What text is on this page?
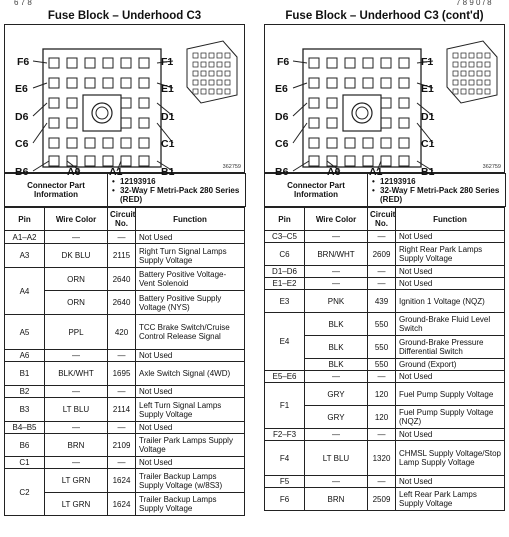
6 7 8	7 8 9 0 / 8
Fuse Block – Underhood C3
F6	F1
E6	E1
D6	D1
C6	C1
B6	A6	A1	B1	362759
Connector Part Information	
• 12193916
• 32-Way F Metri-Pack 280 Series (RED)
Pin	Wire Color	Circuit No.	Function
A1–A2	—	—	Not Used
A3	DK BLU	2115	Right Turn Signal Lamps Supply Voltage
A4	ORN	2640	Battery Positive Voltage-Vent Solenoid
	ORN	2640	Battery Positive Supply Voltage (NYS)
A5	PPL	420	TCC Brake Switch/Cruise Control Release Signal
A6	—	—	Not Used
B1	BLK/WHT	1695	Axle Switch Signal (4WD)
B2	—	—	Not Used
B3	LT BLU	2114	Left Turn Signal Lamps Supply Voltage
B4–B5	—	—	Not Used
B6	BRN	2109	Trailer Park Lamps Supply Voltage
C1	—	—	Not Used
C2	LT GRN	1624	Trailer Backup Lamps Supply Voltage (w/8S3)
	LT GRN	1624	Trailer Backup Lamps Supply Voltage
Fuse Block – Underhood C3 (cont'd)
F6	F1
E6	E1
D6	D1
C6	C1
B6	A6	A1	B1	362759
Connector Part Information	
• 12193916
• 32-Way F Metri-Pack 280 Series (RED)
Pin	Wire Color	Circuit No.	Function
C3–C5	—	—	Not Used
C6	BRN/WHT	2609	Right Rear Park Lamps Supply Voltage
D1–D6	—	—	Not Used
E1–E2	—	—	Not Used
E3	PNK	439	Ignition 1 Voltage (NQZ)
E4	BLK	550	Ground-Brake Fluid Level Switch
	BLK	550	Ground-Brake Pressure Differential Switch
	BLK	550	Ground (Export)
E5–E6	—	—	Not Used
F1	GRY	120	Fuel Pump Supply Voltage
	GRY	120	Fuel Pump Supply Voltage (NQZ)
F2–F3	—	—	Not Used
F4	LT BLU	1320	CHMSL Supply Voltage/Stop Lamp Supply Voltage
F5	—	—	Not Used
F6	BRN	2509	Left Rear Park Lamps Supply Voltage
